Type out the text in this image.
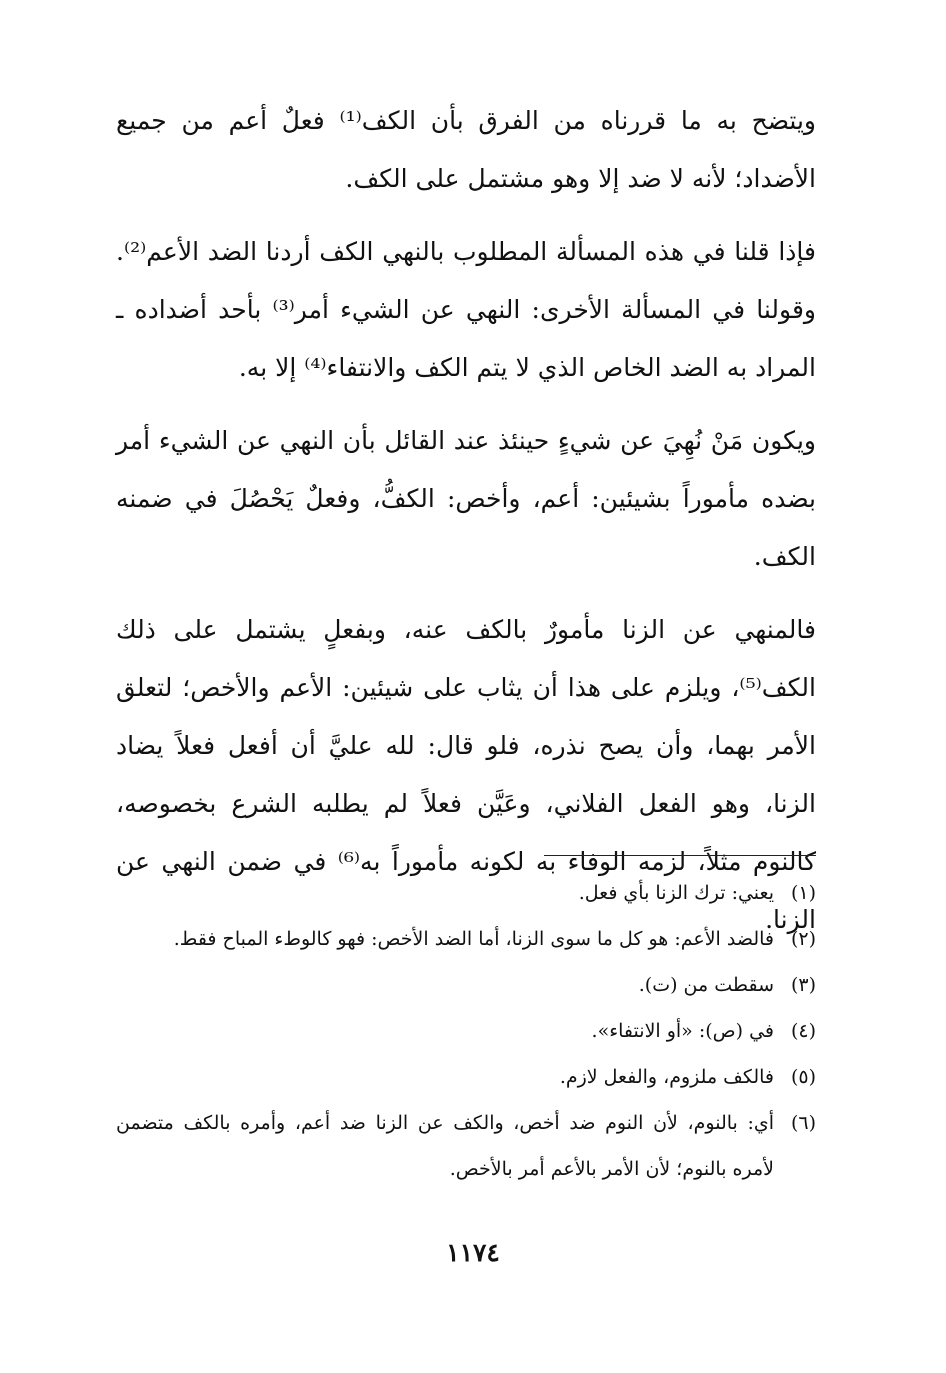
ويتضح به ما قررناه من الفرق بأن الكف⁽¹⁾ فعلٌ أعم من جميع الأضداد؛ لأنه لا ضد إلا وهو مشتمل على الكف.

فإذا قلنا في هذه المسألة المطلوب بالنهي الكف أردنا الضد الأعم⁽²⁾. وقولنا في المسألة الأخرى: النهي عن الشيء أمر⁽³⁾ بأحد أضداده ـ المراد به الضد الخاص الذي لا يتم الكف والانتفاء⁽⁴⁾ إلا به.

ويكون مَنْ نُهِيَ عن شيءٍ حينئذ عند القائل بأن النهي عن الشيء أمر بضده مأموراً بشيئين: أعم، وأخص: الكفُّ، وفعلٌ يَحْصُلَ في ضمنه الكف.

فالمنهي عن الزنا مأمورٌ بالكف عنه، وبفعلٍ يشتمل على ذلك الكف⁽⁵⁾، ويلزم على هذا أن يثاب على شيئين: الأعم والأخص؛ لتعلق الأمر بهما، وأن يصح نذره، فلو قال: لله عليَّ أن أفعل فعلاً يضاد الزنا، وهو الفعل الفلاني، وعَيَّن فعلاً لم يطلبه الشرع بخصوصه، كالنوم مثلاً، لزمه الوفاء به لكونه مأموراً به⁽⁶⁾ في ضمن النهي عن الزنا.

(١)
يعني: ترك الزنا بأي فعل.
(٢)
فالضد الأعم: هو كل ما سوى الزنا، أما الضد الأخص: فهو كالوطء المباح فقط.
(٣)
سقطت من (ت).
(٤)
في (ص): «أو الانتفاء».
(٥)
فالكف ملزوم، والفعل لازم.
(٦)
أي: بالنوم، لأن النوم ضد أخص، والكف عن الزنا ضد أعم، وأمره بالكف متضمن لأمره بالنوم؛ لأن الأمر بالأعم أمر بالأخص.
١١٧٤
